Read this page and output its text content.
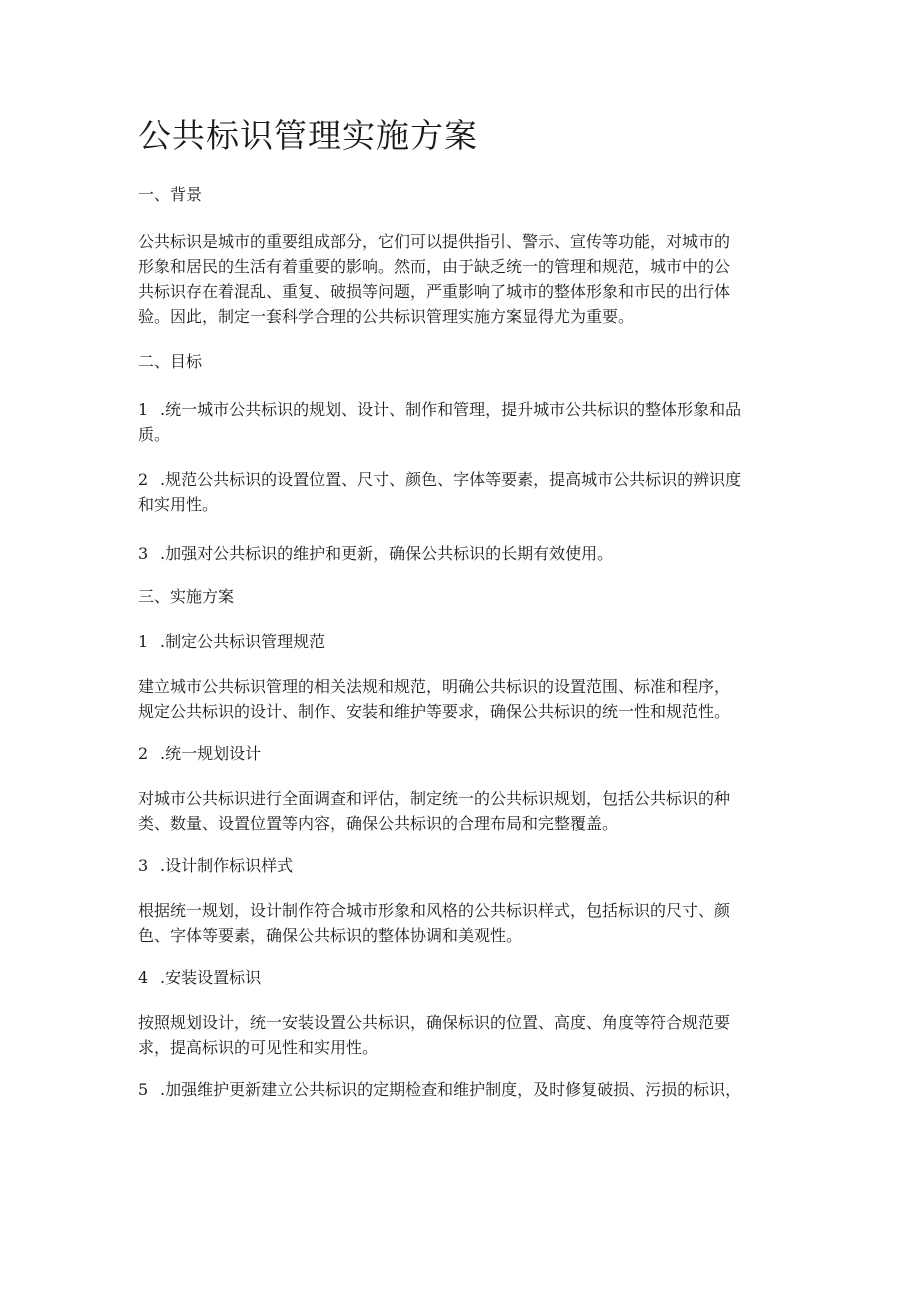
公共标识管理实施方案
一、背景
公共标识是城市的重要组成部分，它们可以提供指引、警示、宣传等功能，对城市的
形象和居民的生活有着重要的影响。然而，由于缺乏统一的管理和规范，城市中的公
共标识存在着混乱、重复、破损等问题，严重影响了城市的整体形象和市民的出行体
验。因此，制定一套科学合理的公共标识管理实施方案显得尤为重要。
二、目标
1 .统一城市公共标识的规划、设计、制作和管理，提升城市公共标识的整体形象和品
质。
2 .规范公共标识的设置位置、尺寸、颜色、字体等要素，提高城市公共标识的辨识度
和实用性。
3 .加强对公共标识的维护和更新，确保公共标识的长期有效使用。
三、实施方案
1 .制定公共标识管理规范
建立城市公共标识管理的相关法规和规范，明确公共标识的设置范围、标准和程序，
规定公共标识的设计、制作、安装和维护等要求，确保公共标识的统一性和规范性。
2 .统一规划设计
对城市公共标识进行全面调查和评估，制定统一的公共标识规划，包括公共标识的种
类、数量、设置位置等内容，确保公共标识的合理布局和完整覆盖。
3 .设计制作标识样式
根据统一规划，设计制作符合城市形象和风格的公共标识样式，包括标识的尺寸、颜
色、字体等要素，确保公共标识的整体协调和美观性。
4 .安装设置标识
按照规划设计，统一安装设置公共标识，确保标识的位置、高度、角度等符合规范要
求，提高标识的可见性和实用性。
5 .加强维护更新建立公共标识的定期检查和维护制度，及时修复破损、污损的标识，
